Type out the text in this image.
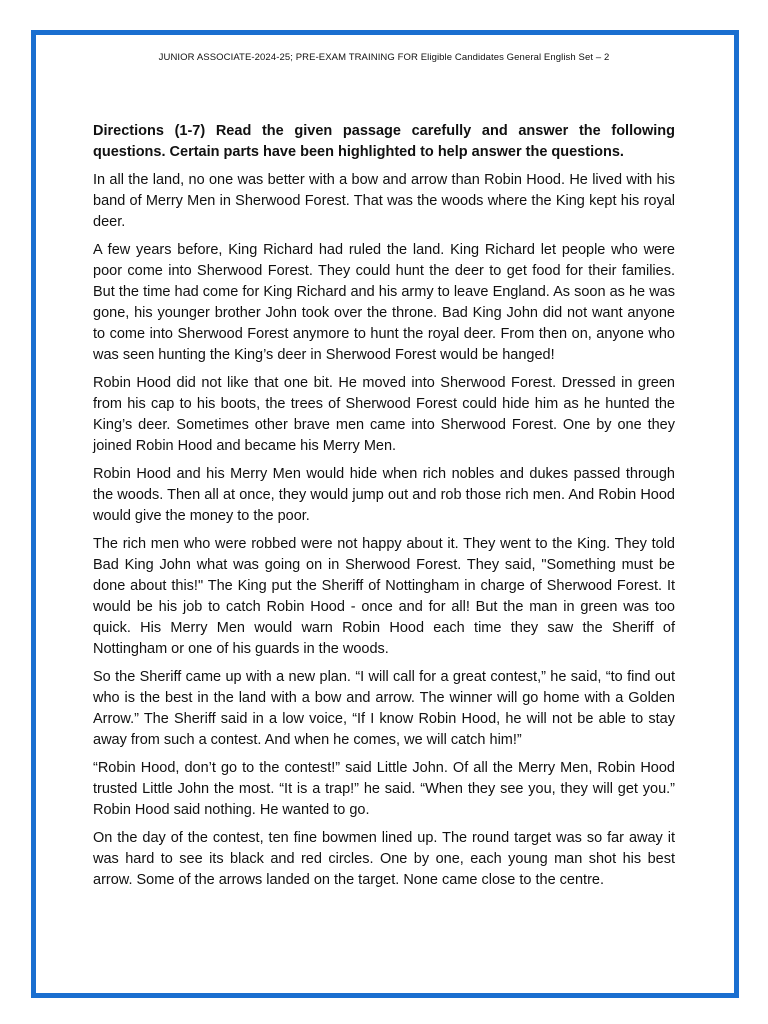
JUNIOR ASSOCIATE-2024-25; PRE-EXAM TRAINING FOR Eligible Candidates General English Set – 2

Directions (1-7) Read the given passage carefully and answer the following questions. Certain parts have been highlighted to help answer the questions.

In all the land, no one was better with a bow and arrow than Robin Hood. He lived with his band of Merry Men in Sherwood Forest. That was the woods where the King kept his royal deer.

A few years before, King Richard had ruled the land. King Richard let people who were poor come into Sherwood Forest. They could hunt the deer to get food for their families. But the time had come for King Richard and his army to leave England. As soon as he was gone, his younger brother John took over the throne. Bad King John did not want anyone to come into Sherwood Forest anymore to hunt the royal deer. From then on, anyone who was seen hunting the King’s deer in Sherwood Forest would be hanged!

Robin Hood did not like that one bit. He moved into Sherwood Forest. Dressed in green from his cap to his boots, the trees of Sherwood Forest could hide him as he hunted the King’s deer. Sometimes other brave men came into Sherwood Forest. One by one they joined Robin Hood and became his Merry Men.

Robin Hood and his Merry Men would hide when rich nobles and dukes passed through the woods. Then all at once, they would jump out and rob those rich men. And Robin Hood would give the money to the poor.

The rich men who were robbed were not happy about it. They went to the King. They told Bad King John what was going on in Sherwood Forest. They said, "Something must be done about this!" The King put the Sheriff of Nottingham in charge of Sherwood Forest. It would be his job to catch Robin Hood - once and for all! But the man in green was too quick. His Merry Men would warn Robin Hood each time they saw the Sheriff of Nottingham or one of his guards in the woods.

So the Sheriff came up with a new plan. “I will call for a great contest,” he said, “to find out who is the best in the land with a bow and arrow. The winner will go home with a Golden Arrow.” The Sheriff said in a low voice, “If I know Robin Hood, he will not be able to stay away from such a contest. And when he comes, we will catch him!”

“Robin Hood, don’t go to the contest!” said Little John. Of all the Merry Men, Robin Hood trusted Little John the most. “It is a trap!” he said. “When they see you, they will get you.” Robin Hood said nothing. He wanted to go.

On the day of the contest, ten fine bowmen lined up. The round target was so far away it was hard to see its black and red circles. One by one, each young man shot his best arrow. Some of the arrows landed on the target. None came close to the centre.
